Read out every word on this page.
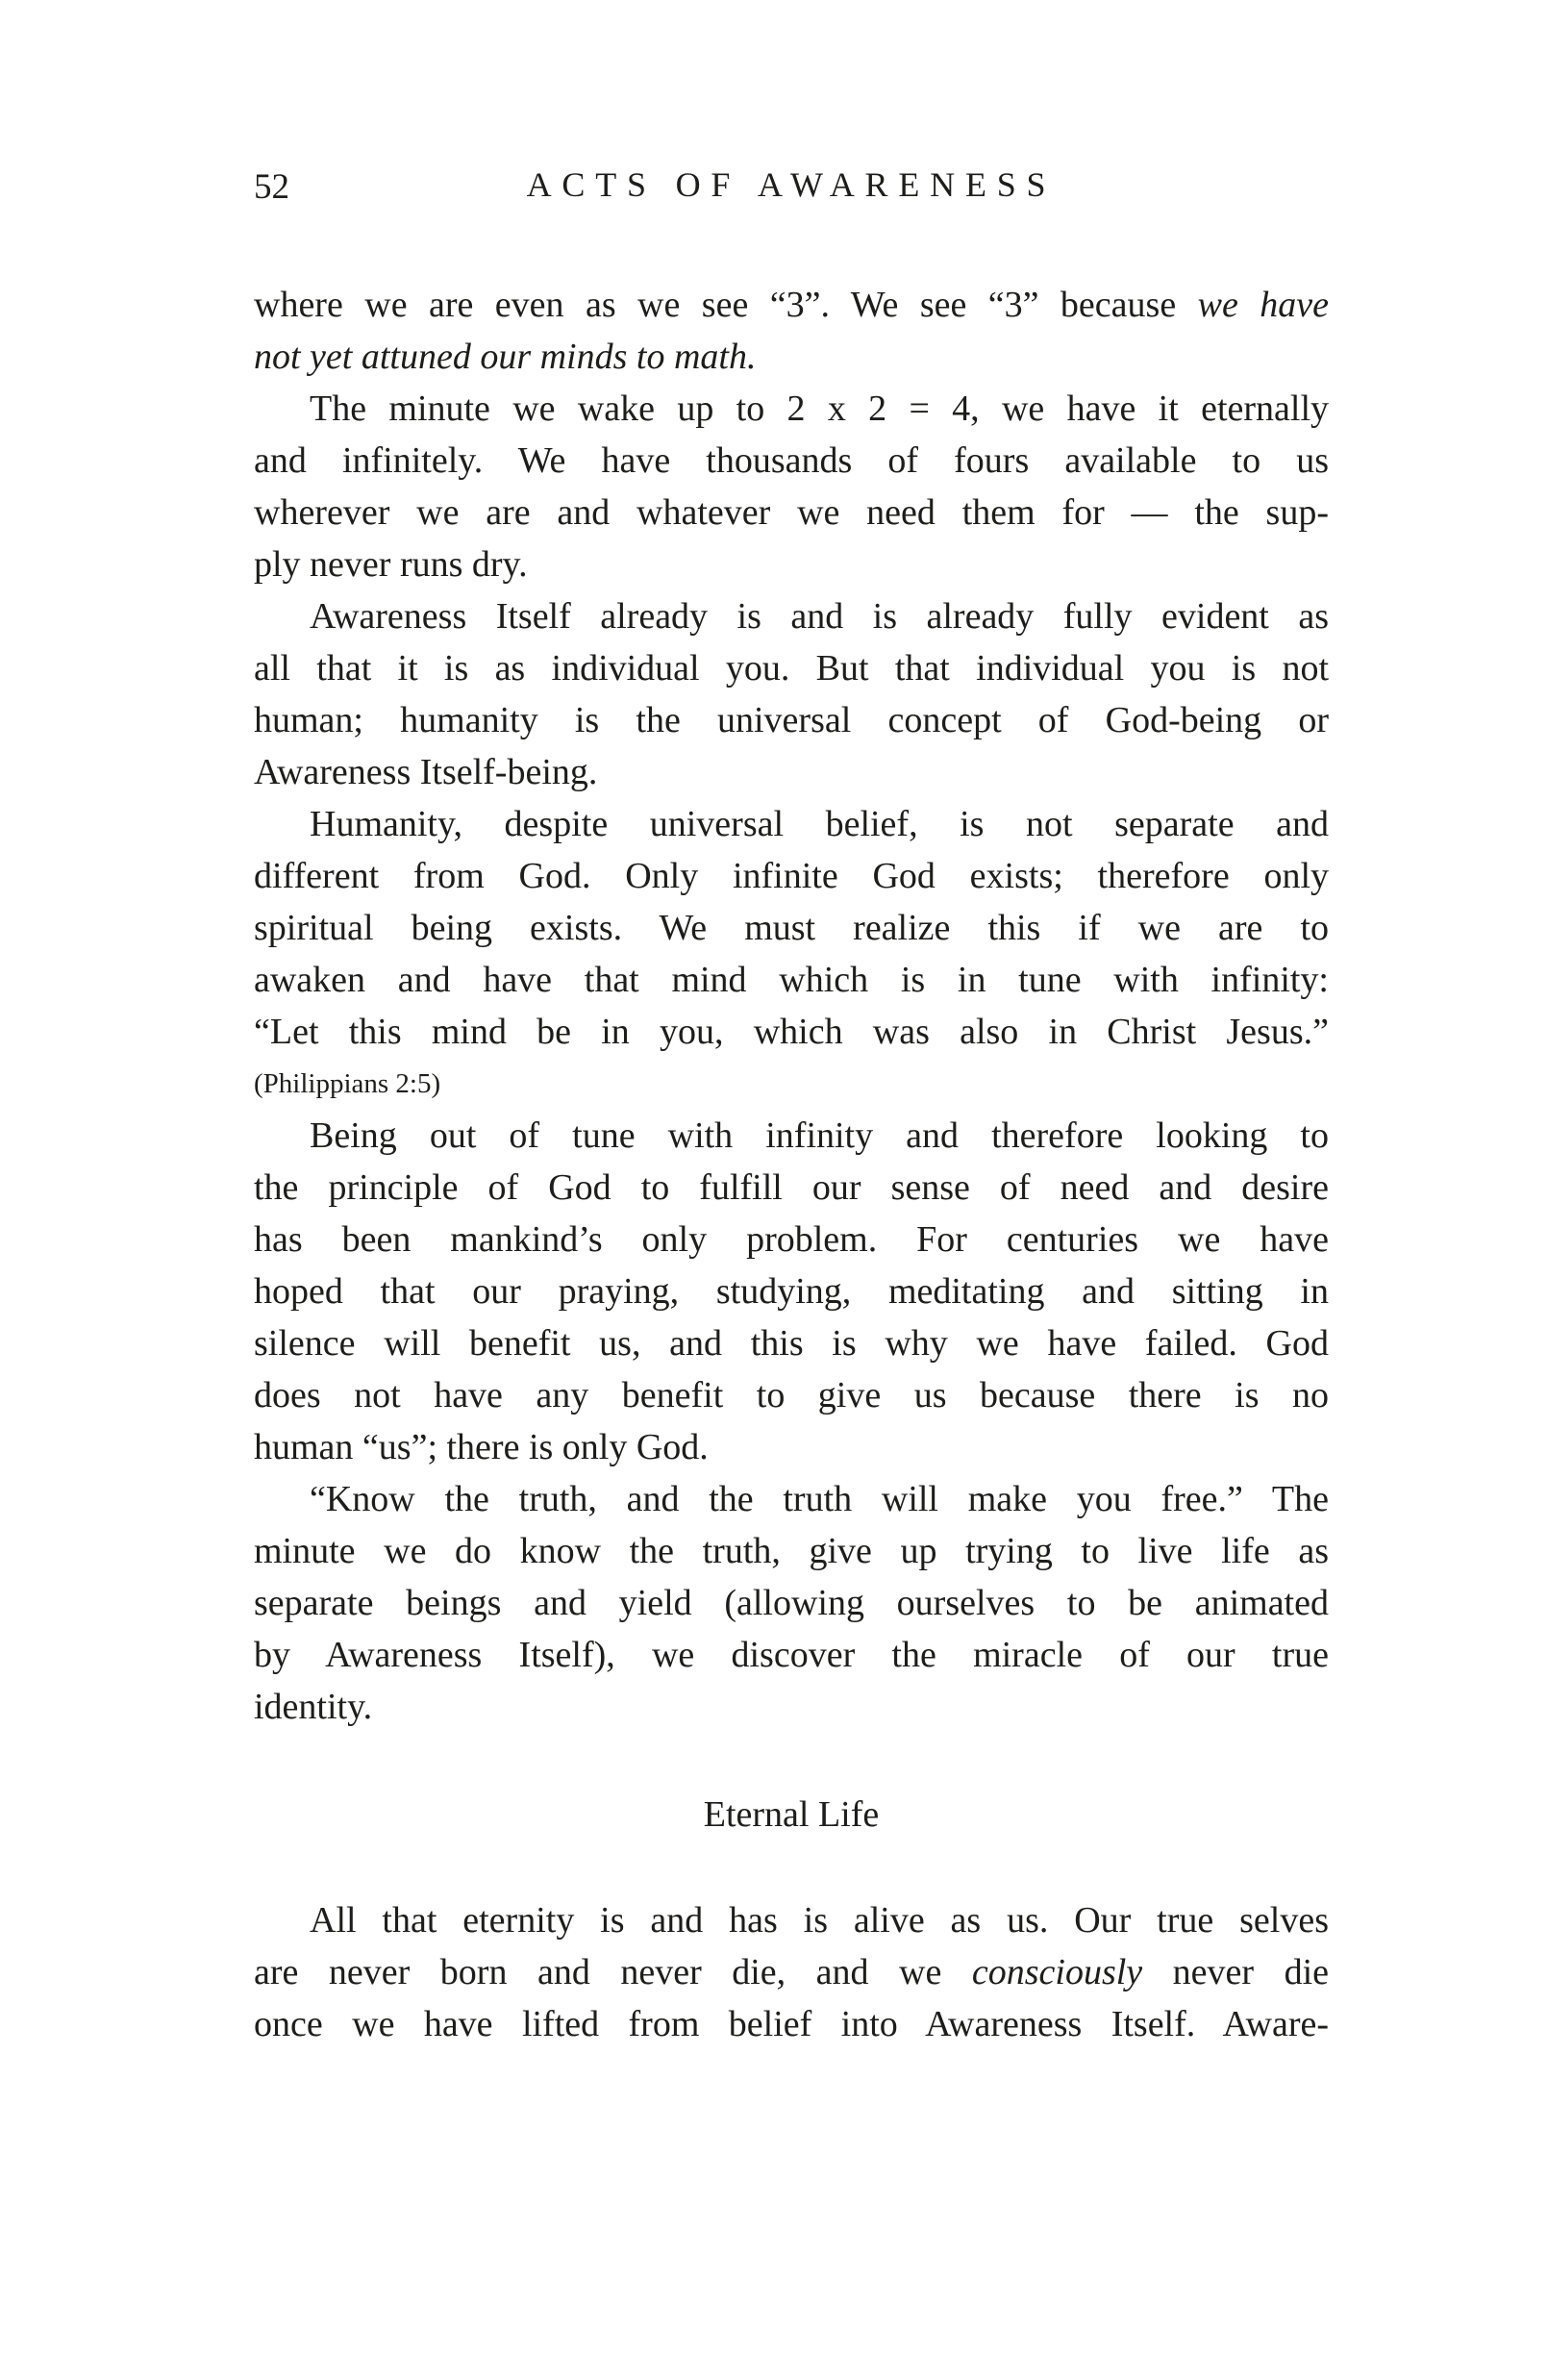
52	ACTS OF AWARENESS
where we are even as we see “3”. We see “3” because we have
not yet attuned our minds to math.
The minute we wake up to 2 x 2 = 4, we have it eternally
and infinitely. We have thousands of fours available to us
wherever we are and whatever we need them for — the sup-
ply never runs dry.
Awareness Itself already is and is already fully evident as
all that it is as individual you. But that individual you is not
human; humanity is the universal concept of God-being or
Awareness Itself-being.
Humanity, despite universal belief, is not separate and
different from God. Only infinite God exists; therefore only
spiritual being exists. We must realize this if we are to
awaken and have that mind which is in tune with infinity:
“Let this mind be in you, which was also in Christ Jesus.”
(Philippians 2:5)
Being out of tune with infinity and therefore looking to
the principle of God to fulfill our sense of need and desire
has been mankind’s only problem. For centuries we have
hoped that our praying, studying, meditating and sitting in
silence will benefit us, and this is why we have failed. God
does not have any benefit to give us because there is no
human “us”; there is only God.
“Know the truth, and the truth will make you free.” The
minute we do know the truth, give up trying to live life as
separate beings and yield (allowing ourselves to be animated
by Awareness Itself), we discover the miracle of our true
identity.
Eternal Life
All that eternity is and has is alive as us. Our true selves
are never born and never die, and we consciously never die
once we have lifted from belief into Awareness Itself. Aware-
